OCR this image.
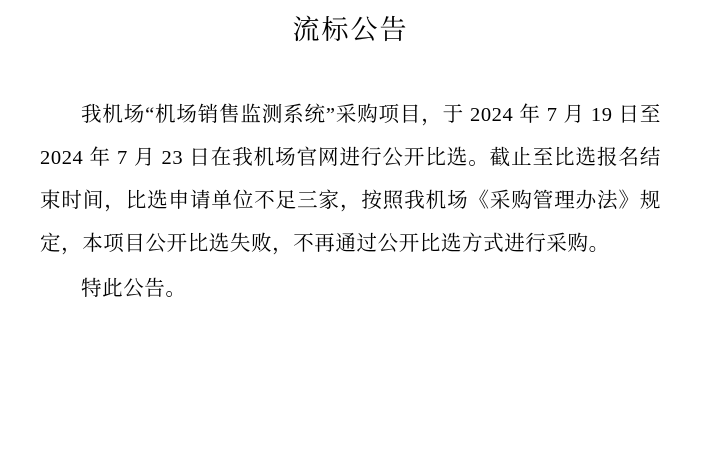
流标公告

我机场“机场销售监测系统”采购项目，于 2024 年 7 月 19 日至 2024 年 7 月 23 日在我机场官网进行公开比选。截止至比选报名结束时间，比选申请单位不足三家，按照我机场《采购管理办法》规定，本项目公开比选失败，不再通过公开比选方式进行采购。

特此公告。
